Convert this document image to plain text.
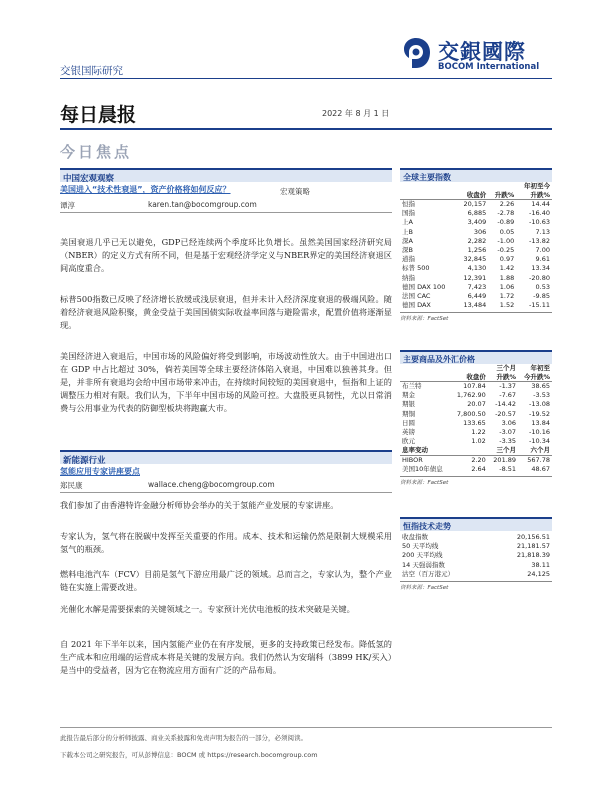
交銀國際
BOCOM International
交银国际研究
每日晨报	2022 年 8 月 1 日
今日焦点
中国宏观观察
美国进入“技术性衰退”，资产价格将如何反应？	宏观策略
谭淳	karen.tan@bocomgroup.com
美国衰退几乎已无以避免，GDP已经连续两个季度环比负增长。虽然美国国家经济研究局（NBER）的定义方式有所不同，但是基于宏观经济学定义与NBER界定的美国经济衰退区间高度重合。
标普500指数已反映了经济增长放缓或浅层衰退，但并未计入经济深度衰退的极端风险。随着经济衰退风险积聚，黄金受益于美国国债实际收益率回落与避险需求，配置价值将逐渐显现。
美国经济进入衰退后，中国市场的风险偏好将受到影响，市场波动性放大。由于中国进出口在 GDP 中占比超过 30%，倘若美国等全球主要经济体陷入衰退，中国难以独善其身。但是，并非所有衰退均会给中国市场带来冲击，在持续时间较短的美国衰退中，恒指和上证的调整压力相对有限。我们认为，下半年中国市场的风险可控。大盘股更具韧性，尤以日常消费与公用事业为代表的防御型板块将跑赢大市。
新能源行业
氢能应用专家讲座要点
郑民康	wallace.cheng@bocomgroup.com
我们参加了由香港特许金融分析师协会举办的关于氢能产业发展的专家讲座。
专家认为，氢气将在脱碳中发挥至关重要的作用。成本、技术和运输仍然是限制大规模采用氢气的瓶颈。
燃料电池汽车（FCV）目前是氢气下游应用最广泛的领域。总而言之，专家认为，整个产业链在实施上需要改进。
光催化水解是需要探索的关键领域之一。专家预计光伏电池板的技术突破是关键。
自 2021 年下半年以来，国内氢能产业仍在有序发展，更多的支持政策已经发布。降低氢的生产成本和应用端的运营成本将是关键的发展方向。我们仍然认为安瑞科（3899 HK/买入）是当中的受益者，因为它在物流应用方面有广泛的产品布局。
全球主要指数
			年初至今
	收盘价	升跌%	升跌%
恒指	20,157	2.26	14.44
国指	6,885	-2.78	-16.40
上A	3,409	-0.89	-10.63
上B	306	0.05	7.13
深A	2,282	-1.00	-13.82
深B	1,256	-0.25	7.00
道指	32,845	0.97	9.61
标普 500	4,130	1.42	13.34
纳指	12,391	1.88	-20.80
德国 DAX 100	7,423	1.06	0.53
法国 CAC	6,449	1.72	-9.85
德国 DAX	13,484	1.52	-15.11
资料来源：FactSet
主要商品及外汇价格
		三个月	年初至
	收盘价	升跌%	今升跌%
布兰特	107.84	-1.37	38.65
期金	1,762.90	-7.67	-3.53
期银	20.07	-14.42	-13.08
期铜	7,800.50	-20.57	-19.52
日圆	133.65	3.06	13.84
英镑	1.22	-3.07	-10.16
欧元	1.02	-3.35	-10.34
息率变动		三个月	六个月
HIBOR	2.20	201.89	567.78
美国10年债息	2.64	-8.51	48.67
资料来源：FactSet
恒指技术走势
收盘指数	20,156.51
50 天平均线	21,181.57
200 天平均线	21,818.39
14 天强弱指数	38.11
沽空（百万港元）	24,125
资料来源：FactSet
此报告最后部分的分析师披露、商业关系披露和免责声明为报告的一部分，必须阅读。
下载本公司之研究报告，可从彭博信息：BOCM 或 https://research.bocomgroup.com
